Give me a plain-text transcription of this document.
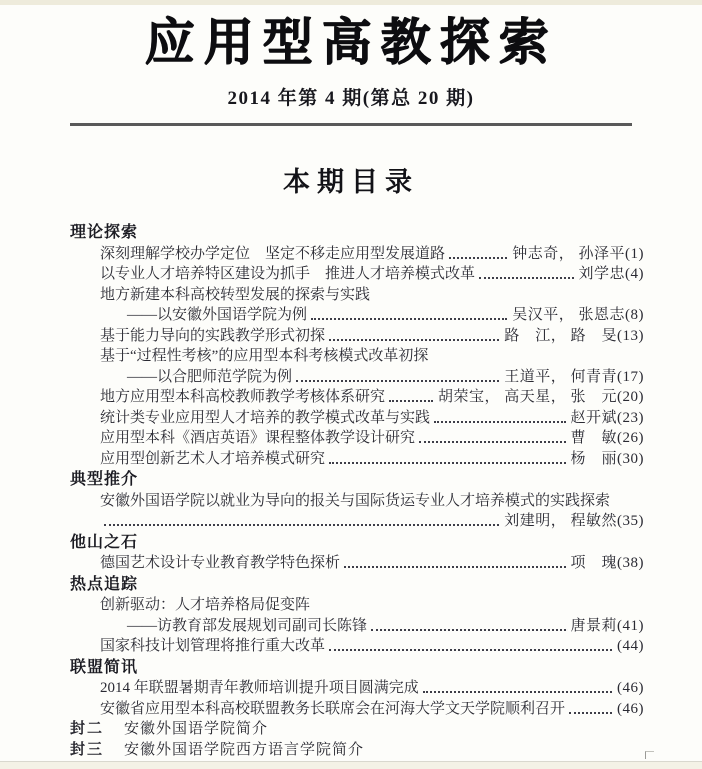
应用型高教探索
2014 年第 4 期(第总 20 期)
本期目录
理论探索
深刻理解学校办学定位　坚定不移走应用型发展道路	钟志奇， 孙泽平(1)
以专业人才培养特区建设为抓手　推进人才培养模式改革	刘学忠(4)
地方新建本科高校转型发展的探索与实践
——以安徽外国语学院为例	吴汉平， 张恩志(8)
基于能力导向的实践教学形式初探	路　江， 路　旻(13)
基于“过程性考核”的应用型本科考核模式改革初探
——以合肥师范学院为例	王道平， 何青青(17)
地方应用型本科高校教师教学考核体系研究	胡荣宝， 高天星， 张　元(20)
统计类专业应用型人才培养的教学模式改革与实践	赵开斌(23)
应用型本科《酒店英语》课程整体教学设计研究	曹　敏(26)
应用型创新艺术人才培养模式研究	杨　丽(30)
典型推介
安徽外国语学院以就业为导向的报关与国际货运专业人才培养模式的实践探索
刘建明， 程敏然(35)
他山之石
德国艺术设计专业教育教学特色探析	项　瑰(38)
热点追踪
创新驱动：人才培养格局促变阵
——访教育部发展规划司副司长陈锋	唐景莉(41)
国家科技计划管理将推行重大改革	(44)
联盟简讯
2014 年联盟暑期青年教师培训提升项目圆满完成	(46)
安徽省应用型本科高校联盟教务长联席会在河海大学文天学院顺利召开	(46)
封二 安徽外国语学院简介
封三 安徽外国语学院西方语言学院简介
